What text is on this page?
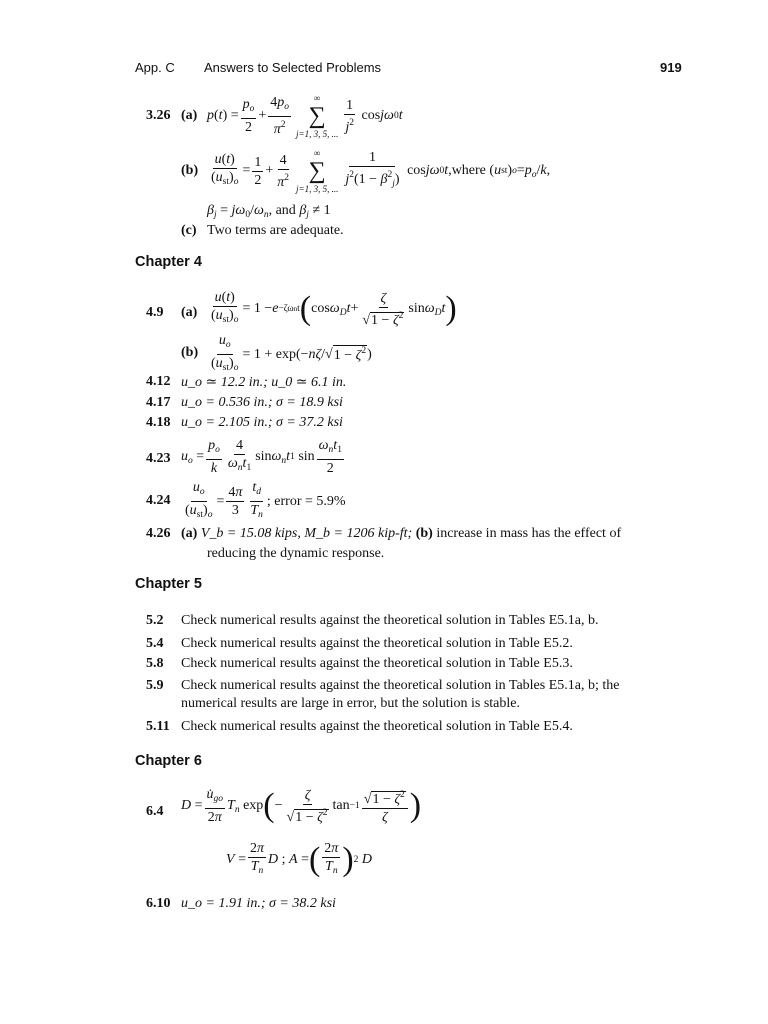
App. C Answers to Selected Problems	919
3.26 (a) p ( t ) = $\frac{p_o}{2} + \frac{4p_o}{\pi^2}$	∞
∑
j=1, 3, 5, ... $\frac{1}{j^2}$ cos jω 0 t
$(b) \frac{u(t)}{(u_{st})_o} = \frac{1}{2} + \frac{4}{\pi^2}$	∞
∑
j=1, 3, 5, ... $\frac{1}{j^2(1 - \beta^2_j)}$ cos jω 0 t , where ( u st ) $o = p_o / k$ ,
$\beta_j = j\omega_0/\omega_n$, and $\beta_j \ne 1$
(c) Two terms are adequate.
Chapter 4
4.9 $(a) \frac{u(t)}{(u_{st})_o} = 1 - e -\zeta\omega nt$ ( $\cos \omega_Dt + \frac{\zeta}{√1 - \zeta^2}$ $\sin \omega_Dt$ )
$(b) \frac{u_o}{(u_{st})_o} = 1 + \exp(- n\zeta$ /√ $1 - \zeta^2$ )
4.12 u_o ≃ 12.2 in.; u_0 ≃ 6.1 in.
4.17 u_o = 0.536 in.; σ = 18.9 ksi
4.18 u_o = 2.105 in.; σ = 37.2 ksi
4.23 $u_o = \frac{p_o}{k} \frac{4}{\omega_nt_1}$ $\sin \omega_nt$ 1 $\sin \frac{\omega_nt_1}{2}$
$4.24 \frac{u_o}{(u_{st})_o} = \frac{4\pi}{3} \frac{t_d}{T_n}$ ; error = 5.9%
4.26 (a) V_b = 15.08 kips, M_b = 1206 kip-ft; (b) increase in mass has the effect of
reducing the dynamic response.
Chapter 5
5.2 Check numerical results against the theoretical solution in Tables E5.1a, b.
5.4 Check numerical results against the theoretical solution in Table E5.2.
5.8 Check numerical results against the theoretical solution in Table E5.3.
5.9 Check numerical results against the theoretical solution in Tables E5.1a, b; the
numerical results are large in error, but the solution is stable.
5.11 Check numerical results against the theoretical solution in Table E5.4.
Chapter 6
6.4 $D = \frac{u̇_{go}}{2\pi} T_n$ exp ( − $\frac{\zeta}{√1 - \zeta^2}$ $\tan -1 \frac{√1 - \zeta^2}{\zeta}$ )
$V = \frac{2\pi}{T_n}$ D ; A = ( $\frac{2\pi}{T_n}$ ) 2
D
6.10 u_o = 1.91 in.; σ = 38.2 ksi
